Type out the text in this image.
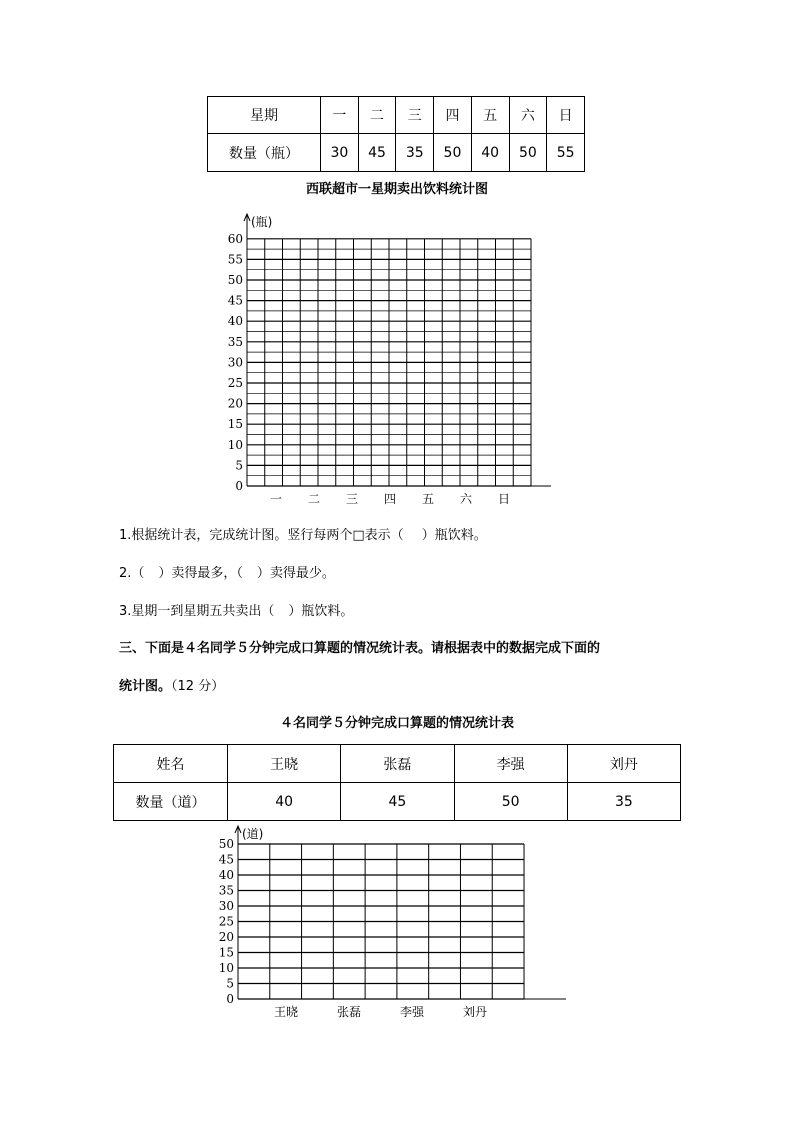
星期	一	二	三	四	五	六	日
数量（瓶）	30	45	35	50	40	50	55
西联超市一星期卖出饮料统计图
(瓶)
0
5
10
15
20
25
30
35
40
45
50
55
60
一 二 三 四 五 六 日
1.根据统计表，完成统计图。竖行每两个□表示（ ）瓶饮料。
2.（ ）卖得最多，（ ）卖得最少。
3.星期一到星期五共卖出（ ）瓶饮料。
三、下面是４名同学５分钟完成口算题的情况统计表。请根据表中的数据完成下面的
统计图。（12 分）
４名同学５分钟完成口算题的情况统计表
姓名	王晓	张磊	李强	刘丹
数量（道）	40	45	50	35
(道)
0
5
10
15
20
25
30
35
40
45
50
王晓	张磊	李强	刘丹
